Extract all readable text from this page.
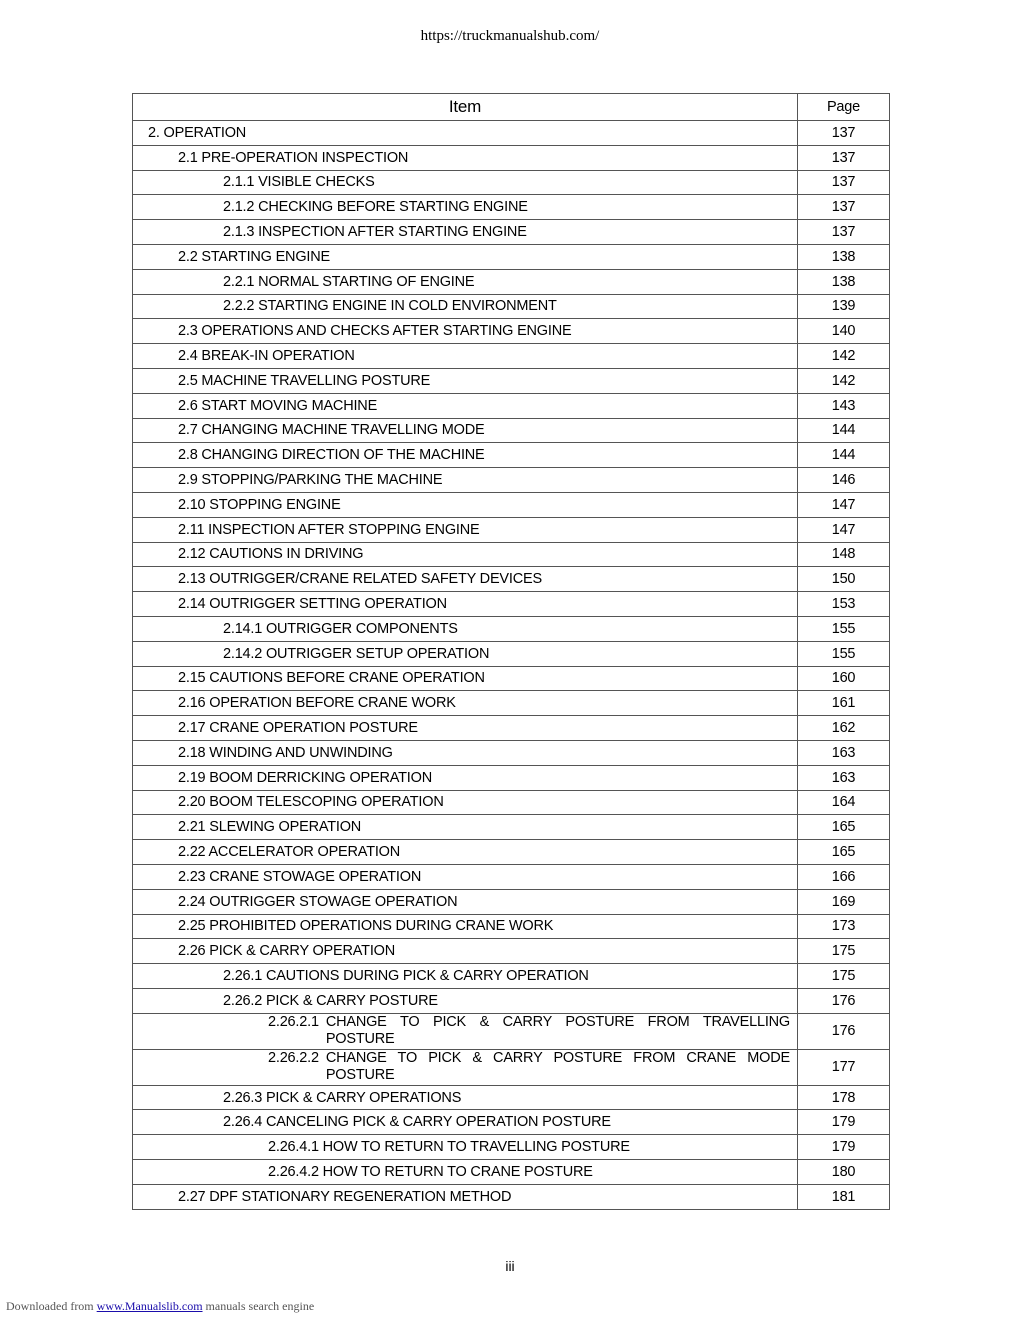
https://truckmanualshub.com/
Item	Page
2. OPERATION	137
2.1 PRE-OPERATION INSPECTION	137
2.1.1 VISIBLE CHECKS	137
2.1.2 CHECKING BEFORE STARTING ENGINE	137
2.1.3 INSPECTION AFTER STARTING ENGINE	137
2.2 STARTING ENGINE	138
2.2.1 NORMAL STARTING OF ENGINE	138
2.2.2 STARTING ENGINE IN COLD ENVIRONMENT	139
2.3 OPERATIONS AND CHECKS AFTER STARTING ENGINE	140
2.4 BREAK-IN OPERATION	142
2.5 MACHINE TRAVELLING POSTURE	142
2.6 START MOVING MACHINE	143
2.7 CHANGING MACHINE TRAVELLING MODE	144
2.8 CHANGING DIRECTION OF THE MACHINE	144
2.9 STOPPING/PARKING THE MACHINE	146
2.10 STOPPING ENGINE	147
2.11 INSPECTION AFTER STOPPING ENGINE	147
2.12 CAUTIONS IN DRIVING	148
2.13 OUTRIGGER/CRANE RELATED SAFETY DEVICES	150
2.14 OUTRIGGER SETTING OPERATION	153
2.14.1 OUTRIGGER COMPONENTS	155
2.14.2 OUTRIGGER SETUP OPERATION	155
2.15 CAUTIONS BEFORE CRANE OPERATION	160
2.16 OPERATION BEFORE CRANE WORK	161
2.17 CRANE OPERATION POSTURE	162
2.18 WINDING AND UNWINDING	163
2.19 BOOM DERRICKING OPERATION	163
2.20 BOOM TELESCOPING OPERATION	164
2.21 SLEWING OPERATION	165
2.22 ACCELERATOR OPERATION	165
2.23 CRANE STOWAGE OPERATION	166
2.24 OUTRIGGER STOWAGE OPERATION	169
2.25 PROHIBITED OPERATIONS DURING CRANE WORK	173
2.26 PICK & CARRY OPERATION	175
2.26.1 CAUTIONS DURING PICK & CARRY OPERATION	175
2.26.2 PICK & CARRY POSTURE	176

2.26.2.1 CHANGE TO PICK & CARRY POSTURE FROM TRAVELLING
POSTURE	176

2.26.2.2 CHANGE TO PICK & CARRY POSTURE FROM CRANE MODE
POSTURE	177
2.26.3 PICK & CARRY OPERATIONS	178
2.26.4 CANCELING PICK & CARRY OPERATION POSTURE	179
2.26.4.1 HOW TO RETURN TO TRAVELLING POSTURE	179
2.26.4.2 HOW TO RETURN TO CRANE POSTURE	180
2.27 DPF STATIONARY REGENERATION METHOD	181
iii
Downloaded from www.Manualslib.com manuals search engine
